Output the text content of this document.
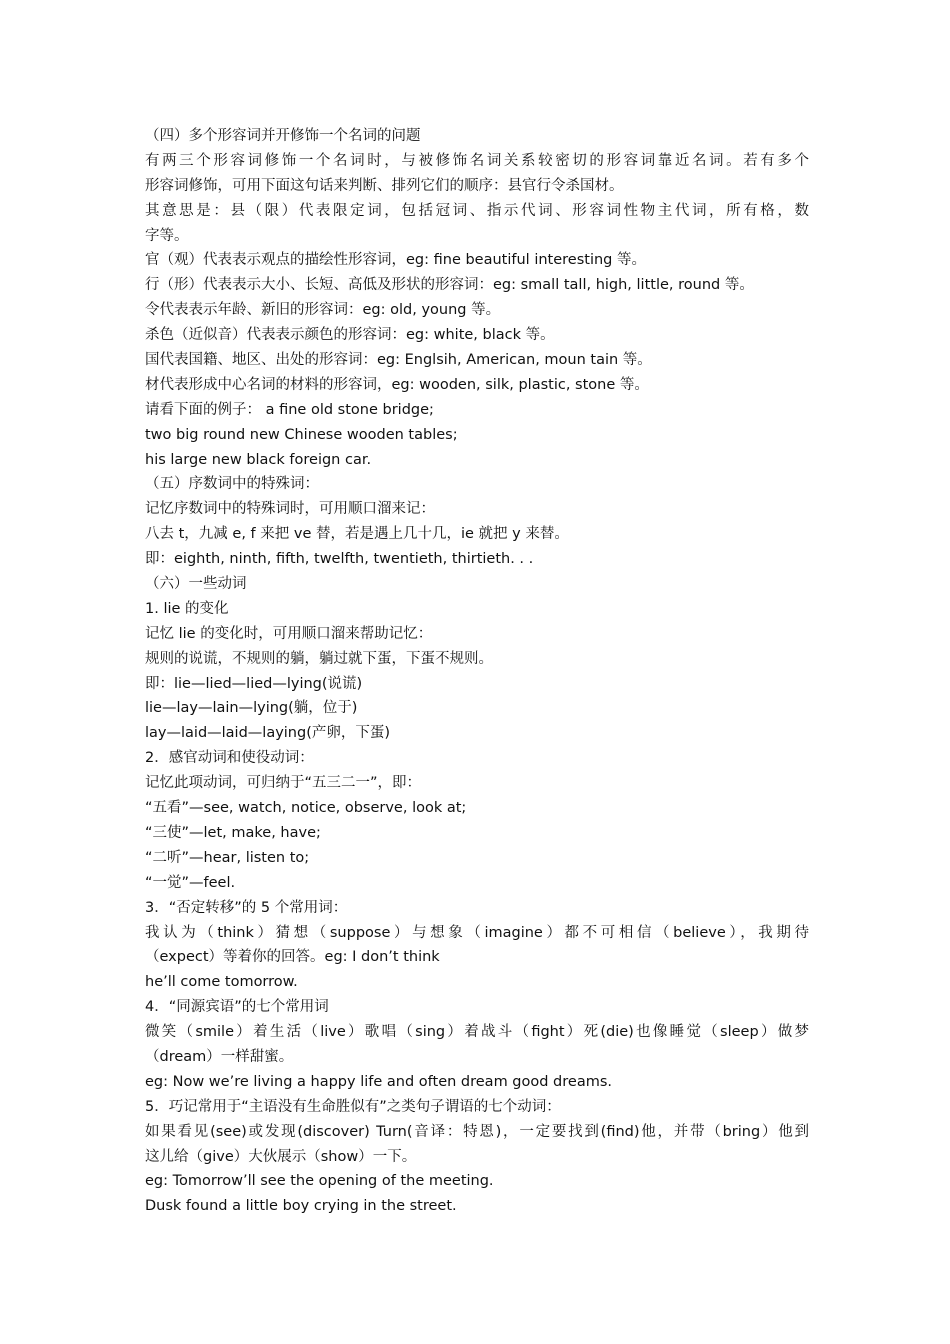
（四）多个形容词并开修饰一个名词的问题
有两三个形容词修饰一个名词时，与被修饰名词关系较密切的形容词靠近名词。若有多个
形容词修饰，可用下面这句话来判断、排列它们的顺序：县官行令杀国材。
其意思是：县（限）代表限定词，包括冠词、指示代词、形容词性物主代词，所有格，数
字等。
官（观）代表表示观点的描绘性形容词，eg: fine beautiful interesting 等。
行（形）代表表示大小、长短、高低及形状的形容词：eg: small tall, high, little, round 等。
令代表表示年龄、新旧的形容词：eg: old, young 等。
杀色（近似音）代表表示颜色的形容词：eg: white, black 等。
国代表国籍、地区、出处的形容词：eg: Englsih, American, moun tain 等。
材代表形成中心名词的材料的形容词，eg: wooden, silk, plastic, stone 等。
请看下面的例子： a fine old stone bridge;
two big round new Chinese wooden tables;
his large new black foreign car.
（五）序数词中的特殊词：
记忆序数词中的特殊词时，可用顺口溜来记：
八去 t，九减 e, f 来把 ve 替，若是遇上几十几，ie 就把 y 来替。
即：eighth, ninth, fifth, twelfth, twentieth, thirtieth. . .
（六）一些动词
1. lie 的变化
记忆 lie 的变化时，可用顺口溜来帮助记忆：
规则的说谎，不规则的躺，躺过就下蛋，下蛋不规则。
即：lie—lied—lied—lying(说谎)
lie—lay—lain—lying(躺，位于)
lay—laid—laid—laying(产卵，下蛋)
2．感官动词和使役动词：
记忆此项动词，可归纳于“五三二一”，即：
“五看”—see, watch, notice, observe, look at;
“三使”—let, make, have;
“二听”—hear, listen to;
“一觉”—feel.
3．“否定转移”的 5 个常用词：
我认为（think）猜想（suppose）与想象（imagine）都不可相信（believe），我期待
（expect）等着你的回答。eg: I don’t think
he’ll come tomorrow.
4．“同源宾语”的七个常用词
微笑（smile）着生活（live）歌唱（sing）着战斗（fight）死(die)也像睡觉（sleep）做梦
（dream）一样甜蜜。
eg: Now we’re living a happy life and often dream good dreams.
5．巧记常用于“主语没有生命胜似有”之类句子谓语的七个动词：
如果看见(see)或发现(discover) Turn(音译：特恩)，一定要找到(find)他，并带（bring）他到
这儿给（give）大伙展示（show）一下。
eg: Tomorrow’ll see the opening of the meeting.
Dusk found a little boy crying in the street.
